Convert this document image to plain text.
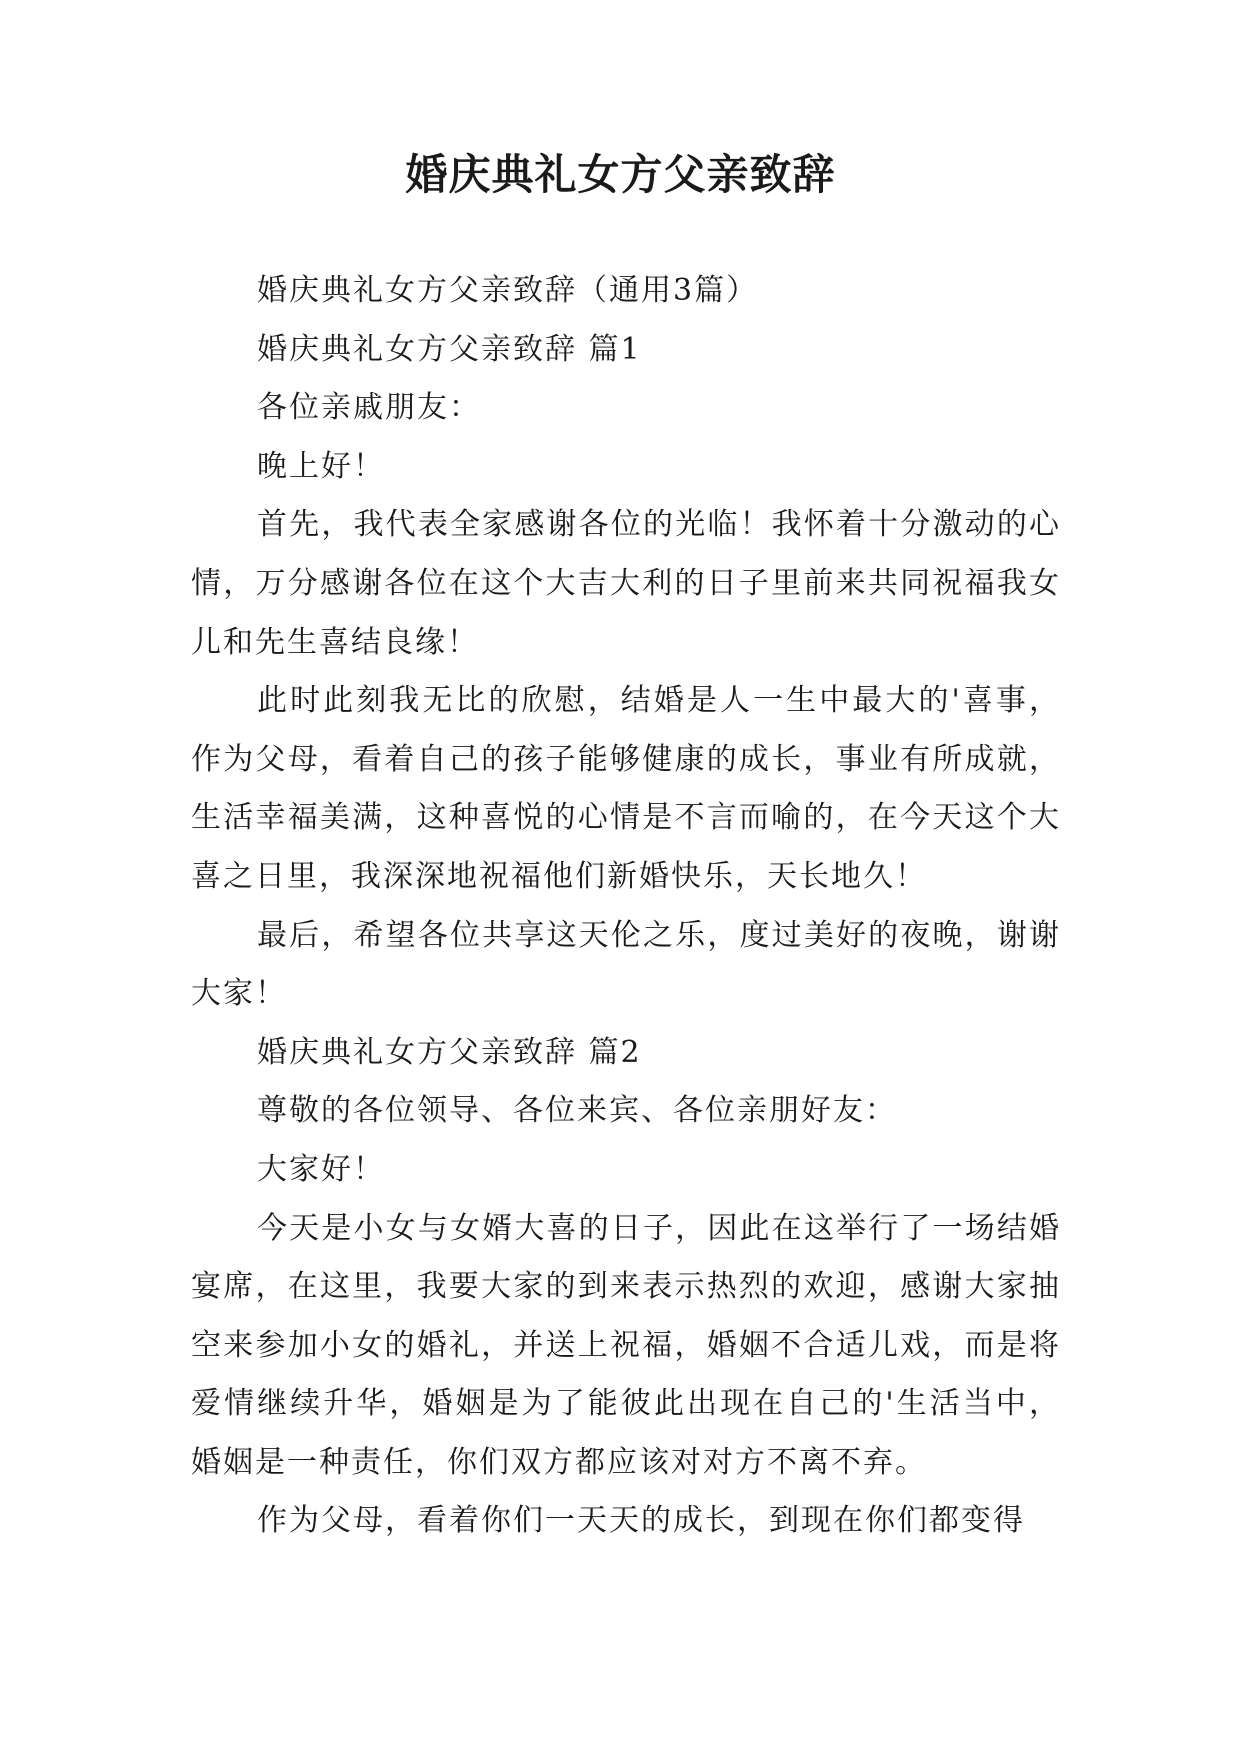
婚庆典礼女方父亲致辞

婚庆典礼女方父亲致辞（通用3篇）

婚庆典礼女方父亲致辞 篇1

各位亲戚朋友：

晚上好！

首先，我代表全家感谢各位的光临！我怀着十分激动的心情，万分感谢各位在这个大吉大利的日子里前来共同祝福我女儿和先生喜结良缘！

此时此刻我无比的欣慰，结婚是人一生中最大的'喜事，作为父母，看着自己的孩子能够健康的成长，事业有所成就，生活幸福美满，这种喜悦的心情是不言而喻的，在今天这个大喜之日里，我深深地祝福他们新婚快乐，天长地久！

最后，希望各位共享这天伦之乐，度过美好的夜晚，谢谢大家！

婚庆典礼女方父亲致辞 篇2

尊敬的各位领导、各位来宾、各位亲朋好友：

大家好！

今天是小女与女婿大喜的日子，因此在这举行了一场结婚宴席，在这里，我要大家的到来表示热烈的欢迎，感谢大家抽空来参加小女的婚礼，并送上祝福，婚姻不合适儿戏，而是将爱情继续升华，婚姻是为了能彼此出现在自己的'生活当中，婚姻是一种责任，你们双方都应该对对方不离不弃。

作为父母，看着你们一天天的成长，到现在你们都变得
